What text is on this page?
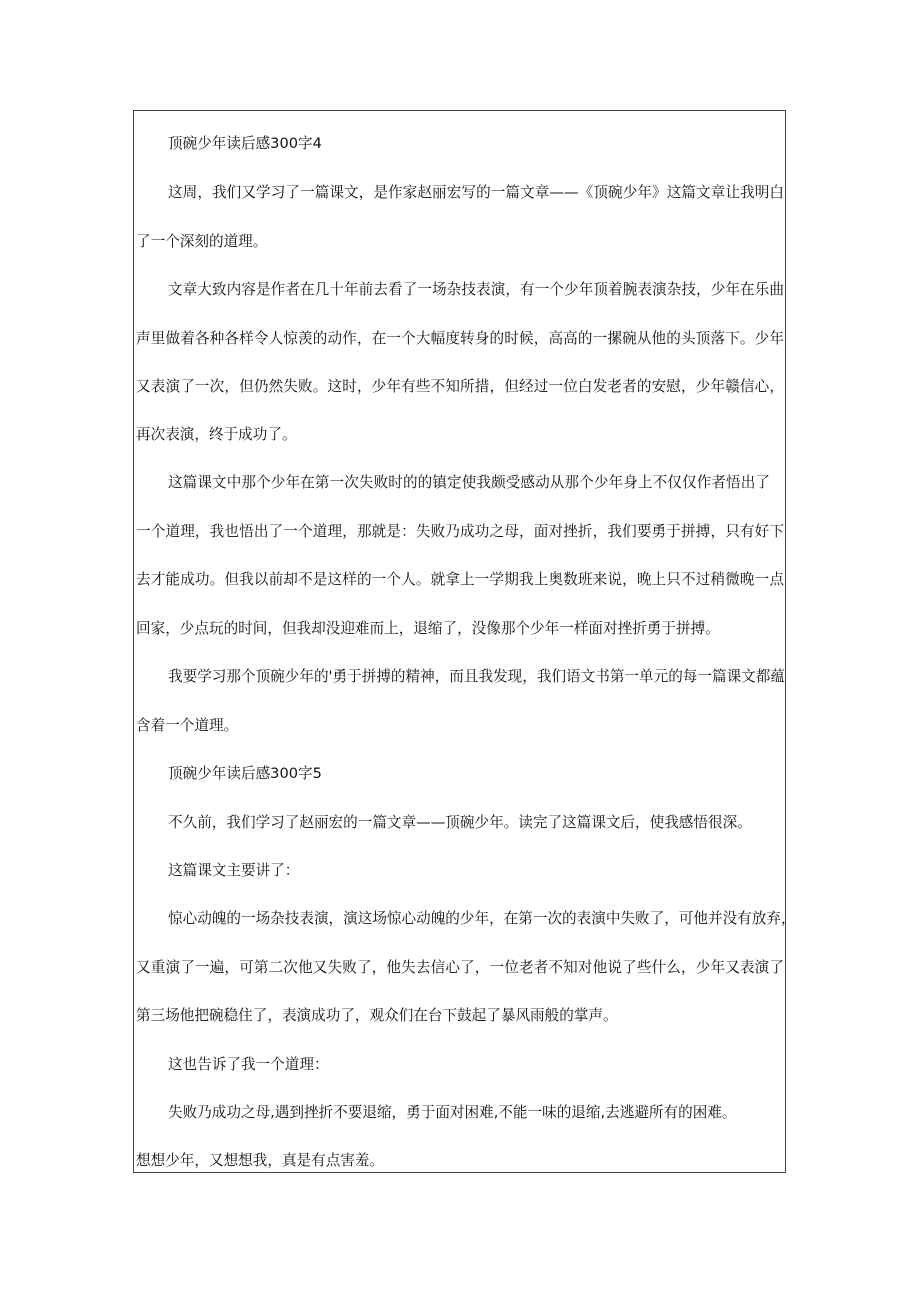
顶碗少年读后感300字4
这周，我们又学习了一篇课文，是作家赵丽宏写的一篇文章——《顶碗少年》这篇文章让我明白
了一个深刻的道理。
文章大致内容是作者在几十年前去看了一场杂技表演，有一个少年顶着腕表演杂技，少年在乐曲
声里做着各种各样令人惊羡的动作，在一个大幅度转身的时候，高高的一摞碗从他的头顶落下。少年
又表演了一次，但仍然失败。这时，少年有些不知所措，但经过一位白发老者的安慰，少年赣信心，
再次表演，终于成功了。
这篇课文中那个少年在第一次失败时的的镇定使我颇受感动从那个少年身上不仅仅作者悟出了
一个道理，我也悟出了一个道理，那就是：失败乃成功之母，面对挫折，我们要勇于拼搏，只有好下
去才能成功。但我以前却不是这样的一个人。就拿上一学期我上奥数班来说，晚上只不过稍微晚一点
回家，少点玩的时间，但我却没迎难而上，退缩了，没像那个少年一样面对挫折勇于拼搏。
我要学习那个顶碗少年的'勇于拼搏的精神，而且我发现，我们语文书第一单元的每一篇课文都蕴
含着一个道理。
顶碗少年读后感300字5
不久前，我们学习了赵丽宏的一篇文章——顶碗少年。读完了这篇课文后，使我感悟很深。
这篇课文主要讲了：
惊心动魄的一场杂技表演，演这场惊心动魄的少年，在第一次的表演中失败了，可他并没有放弃，
又重演了一遍，可第二次他又失败了，他失去信心了，一位老者不知对他说了些什么，少年又表演了
第三场他把碗稳住了，表演成功了，观众们在台下鼓起了暴风雨般的掌声。
这也告诉了我一个道理：
失败乃成功之母,遇到挫折不要退缩，勇于面对困难,不能一味的退缩,去逃避所有的困难。
想想少年，又想想我，真是有点害羞。
